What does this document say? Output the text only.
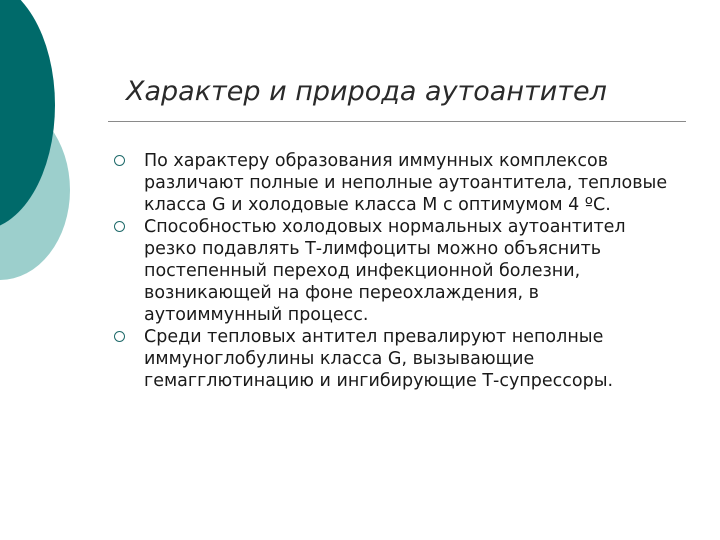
Характер и природа аутоантител
По характеру образования иммунных комплексов различают полные и неполные аутоантитела, тепловые класса G и холодовые класса M с оптимумом 4 ºC.
Способностью холодовых нормальных аутоантител резко подавлять Т-лимфоциты можно объяснить постепенный переход инфекционной болезни, возникающей на фоне переохлаждения, в аутоиммунный процесс.
Среди тепловых антител превалируют неполные иммуноглобулины класса G, вызывающие гемагглютинацию и ингибирующие Т-супрессоры.
